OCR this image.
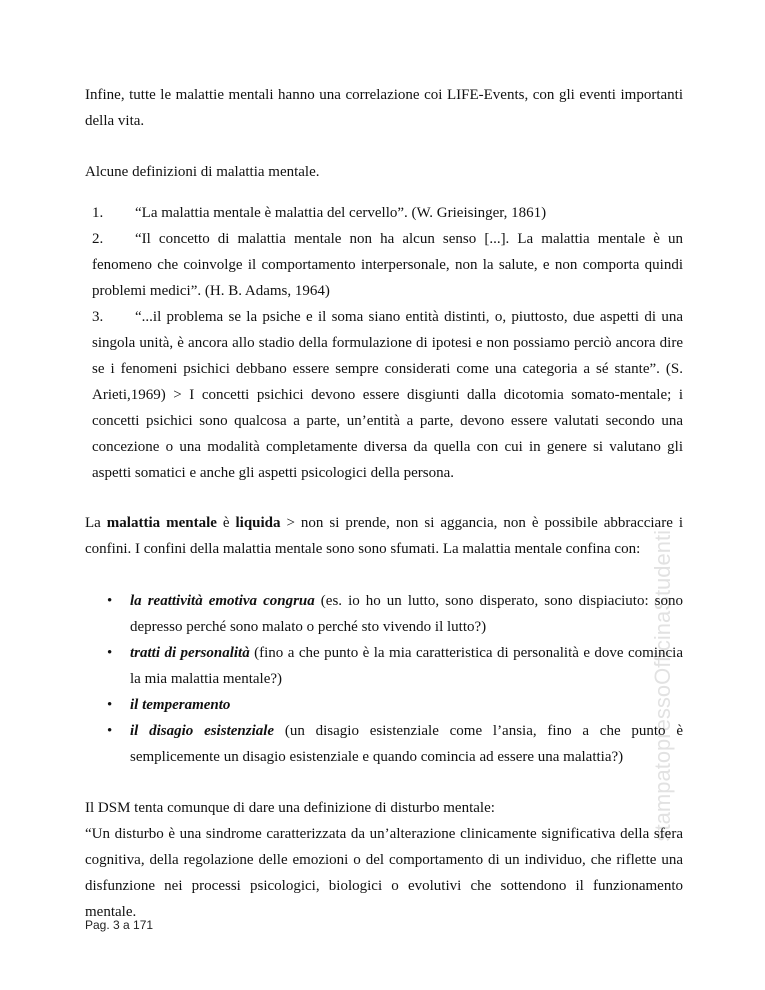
stampatopressoOfficinaStudenti

Infine, tutte le malattie mentali hanno una correlazione coi LIFE-Events, con gli eventi importanti della vita.

Alcune definizioni di malattia mentale.

1. “La malattia mentale è malattia del cervello”. (W. Grieisinger, 1861)

2. “Il concetto di malattia mentale non ha alcun senso [...]. La malattia mentale è un fenomeno che coinvolge il comportamento interpersonale, non la salute, e non comporta quindi problemi medici”. (H. B. Adams, 1964)

3. “...il problema se la psiche e il soma siano entità distinti, o, piuttosto, due aspetti di una singola unità, è ancora allo stadio della formulazione di ipotesi e non possiamo perciò ancora dire se i fenomeni psichici debbano essere sempre considerati come una categoria a sé stante”. (S. Arieti,1969) > I concetti psichici devono essere disgiunti dalla dicotomia somato-mentale; i concetti psichici sono qualcosa a parte, un’entità a parte, devono essere valutati secondo una concezione o una modalità completamente diversa da quella con cui in genere si valutano gli aspetti somatici e anche gli aspetti psicologici della persona.

La malattia mentale è liquida > non si prende, non si aggancia, non è possibile abbracciare i confini. I confini della malattia mentale sono sono sfumati. La malattia mentale confina con:

• la reattività emotiva congrua (es. io ho un lutto, sono disperato, sono dispiaciuto: sono depresso perché sono malato o perché sto vivendo il lutto?)
• tratti di personalità (fino a che punto è la mia caratteristica di personalità e dove comincia la mia malattia mentale?)
• il temperamento
• il disagio esistenziale (un disagio esistenziale come l’ansia, fino a che punto è semplicemente un disagio esistenziale e quando comincia ad essere una malattia?)

Il DSM tenta comunque di dare una definizione di disturbo mentale:

“Un disturbo è una sindrome caratterizzata da un’alterazione clinicamente significativa della sfera cognitiva, della regolazione delle emozioni o del comportamento di un individuo, che riflette una disfunzione nei processi psicologici, biologici o evolutivi che sottendono il funzionamento mentale.

Pag. 3 a 171
